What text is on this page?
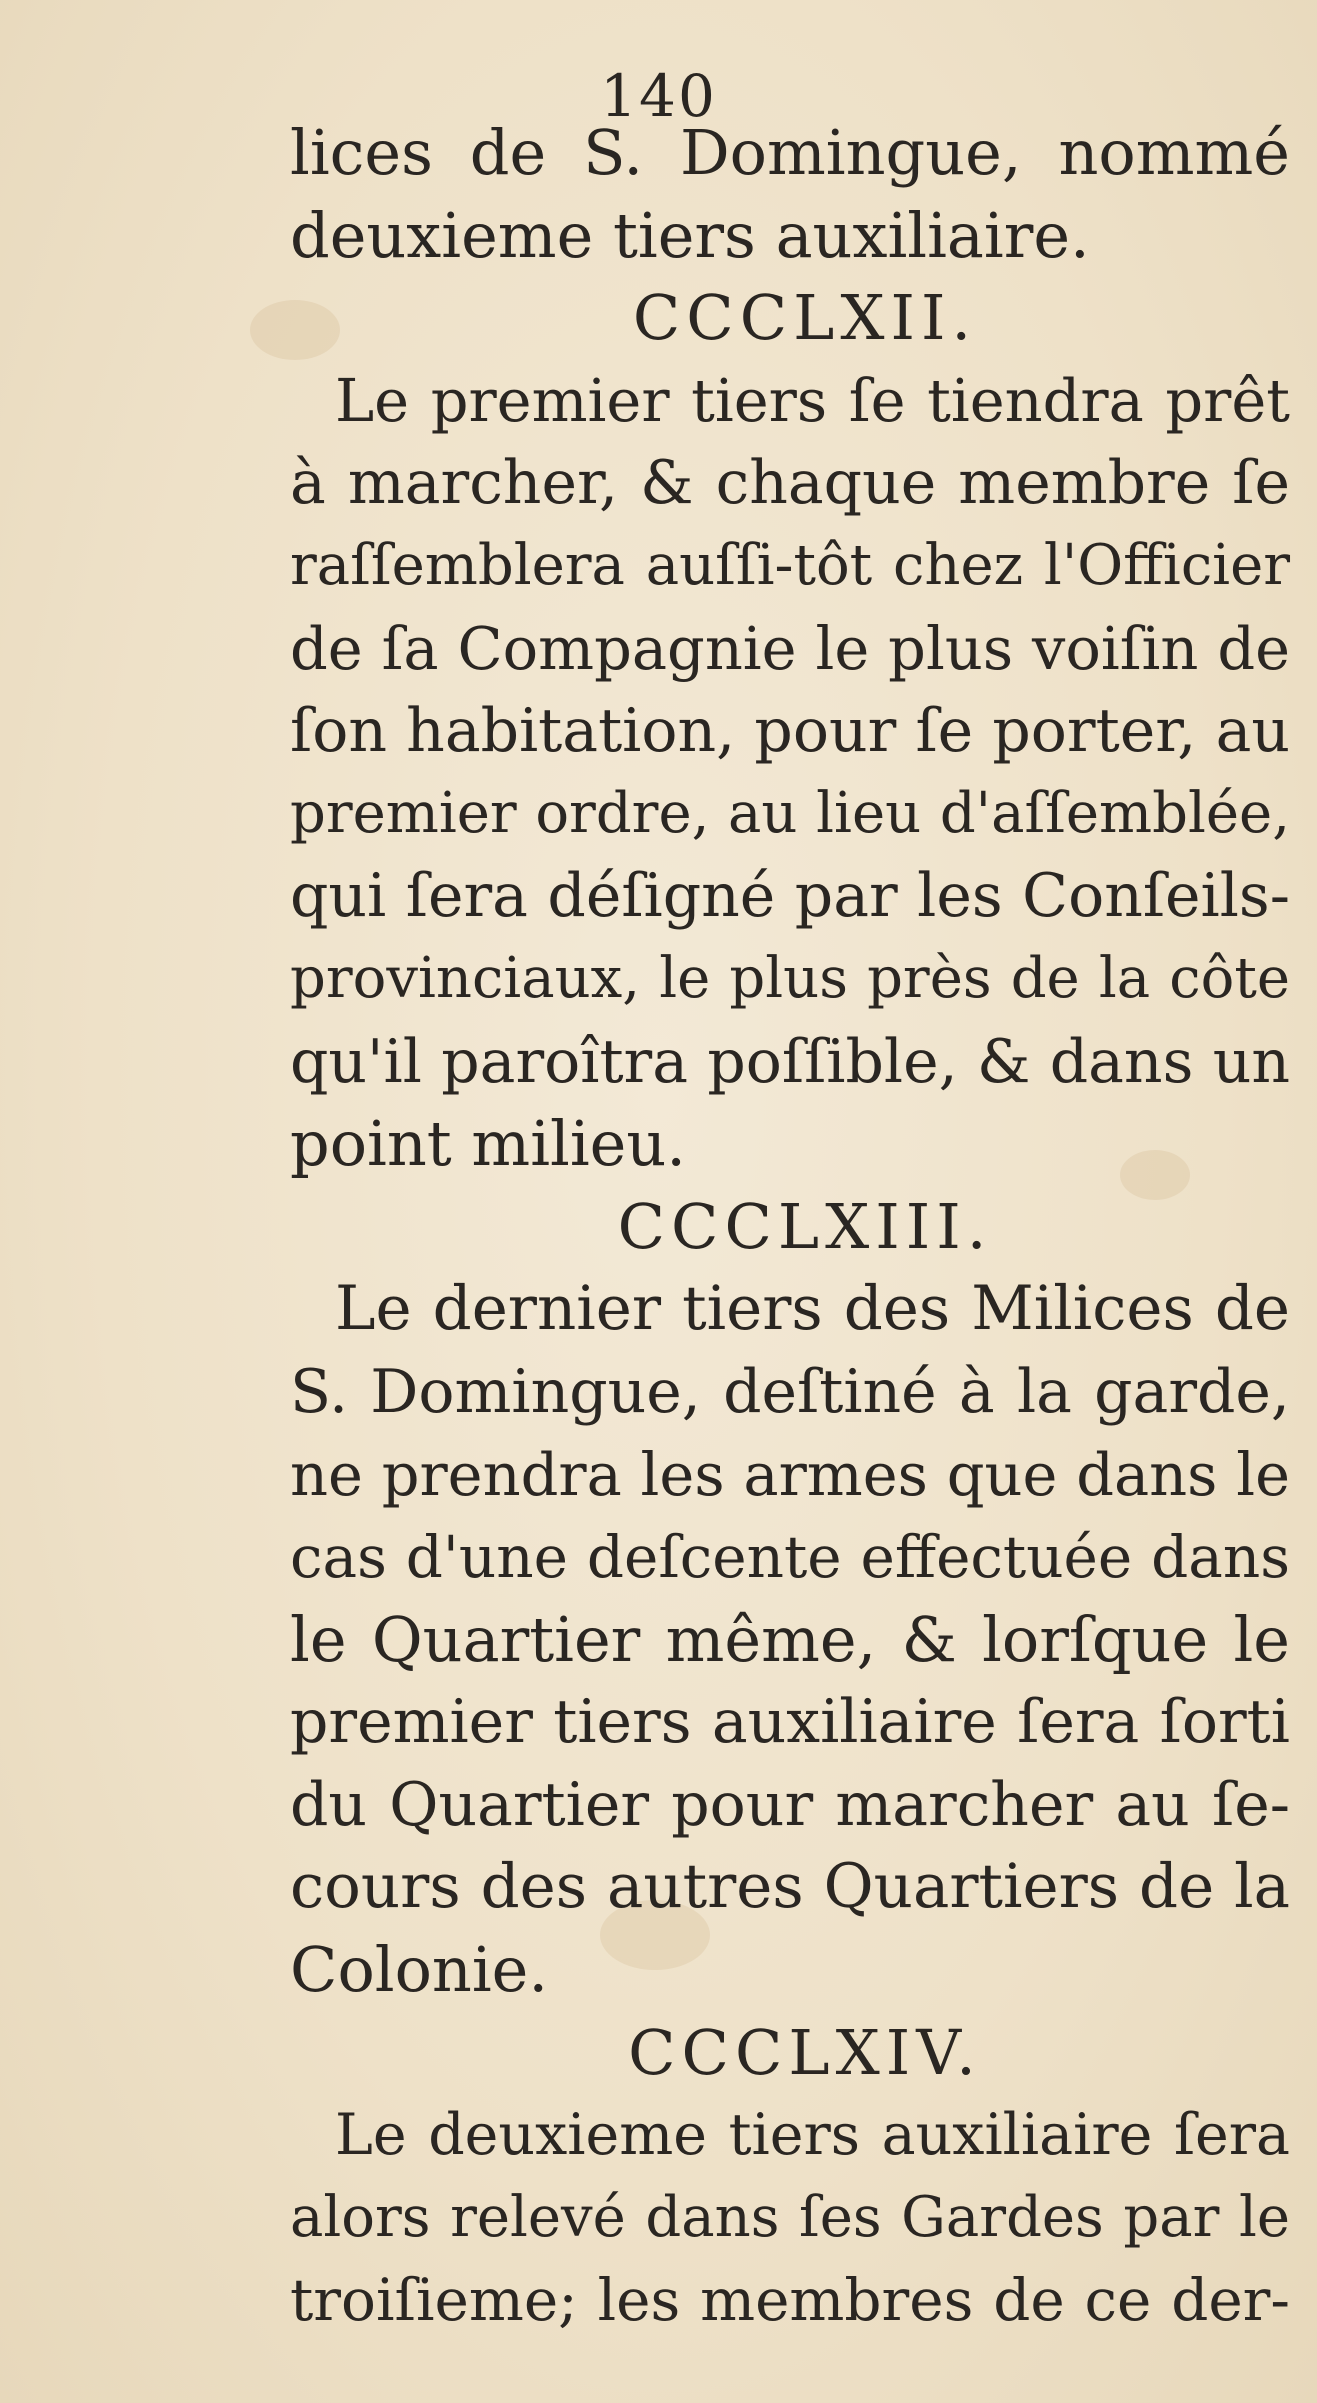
140
lices de S. Domingue, nommé
deuxieme tiers auxiliaire.
CCCLXII.
Le premier tiers ſe tiendra prêt
à marcher, & chaque membre ſe
raſſemblera auſſi-tôt chez l'Officier
de ſa Compagnie le plus voiſin de
ſon habitation, pour ſe porter, au
premier ordre, au lieu d'aſſemblée,
qui ſera déſigné par les Conſeils-
provinciaux, le plus près de la côte
qu'il paroîtra poſſible, & dans un
point milieu.
CCCLXIII.
Le dernier tiers des Milices de
S. Domingue, deſtiné à la garde,
ne prendra les armes que dans le
cas d'une deſcente effectuée dans
le Quartier même, & lorſque le
premier tiers auxiliaire ſera ſorti
du Quartier pour marcher au ſe-
cours des autres Quartiers de la
Colonie.
CCCLXIV.
Le deuxieme tiers auxiliaire ſera
alors relevé dans ſes Gardes par le
troiſieme; les membres de ce der-
